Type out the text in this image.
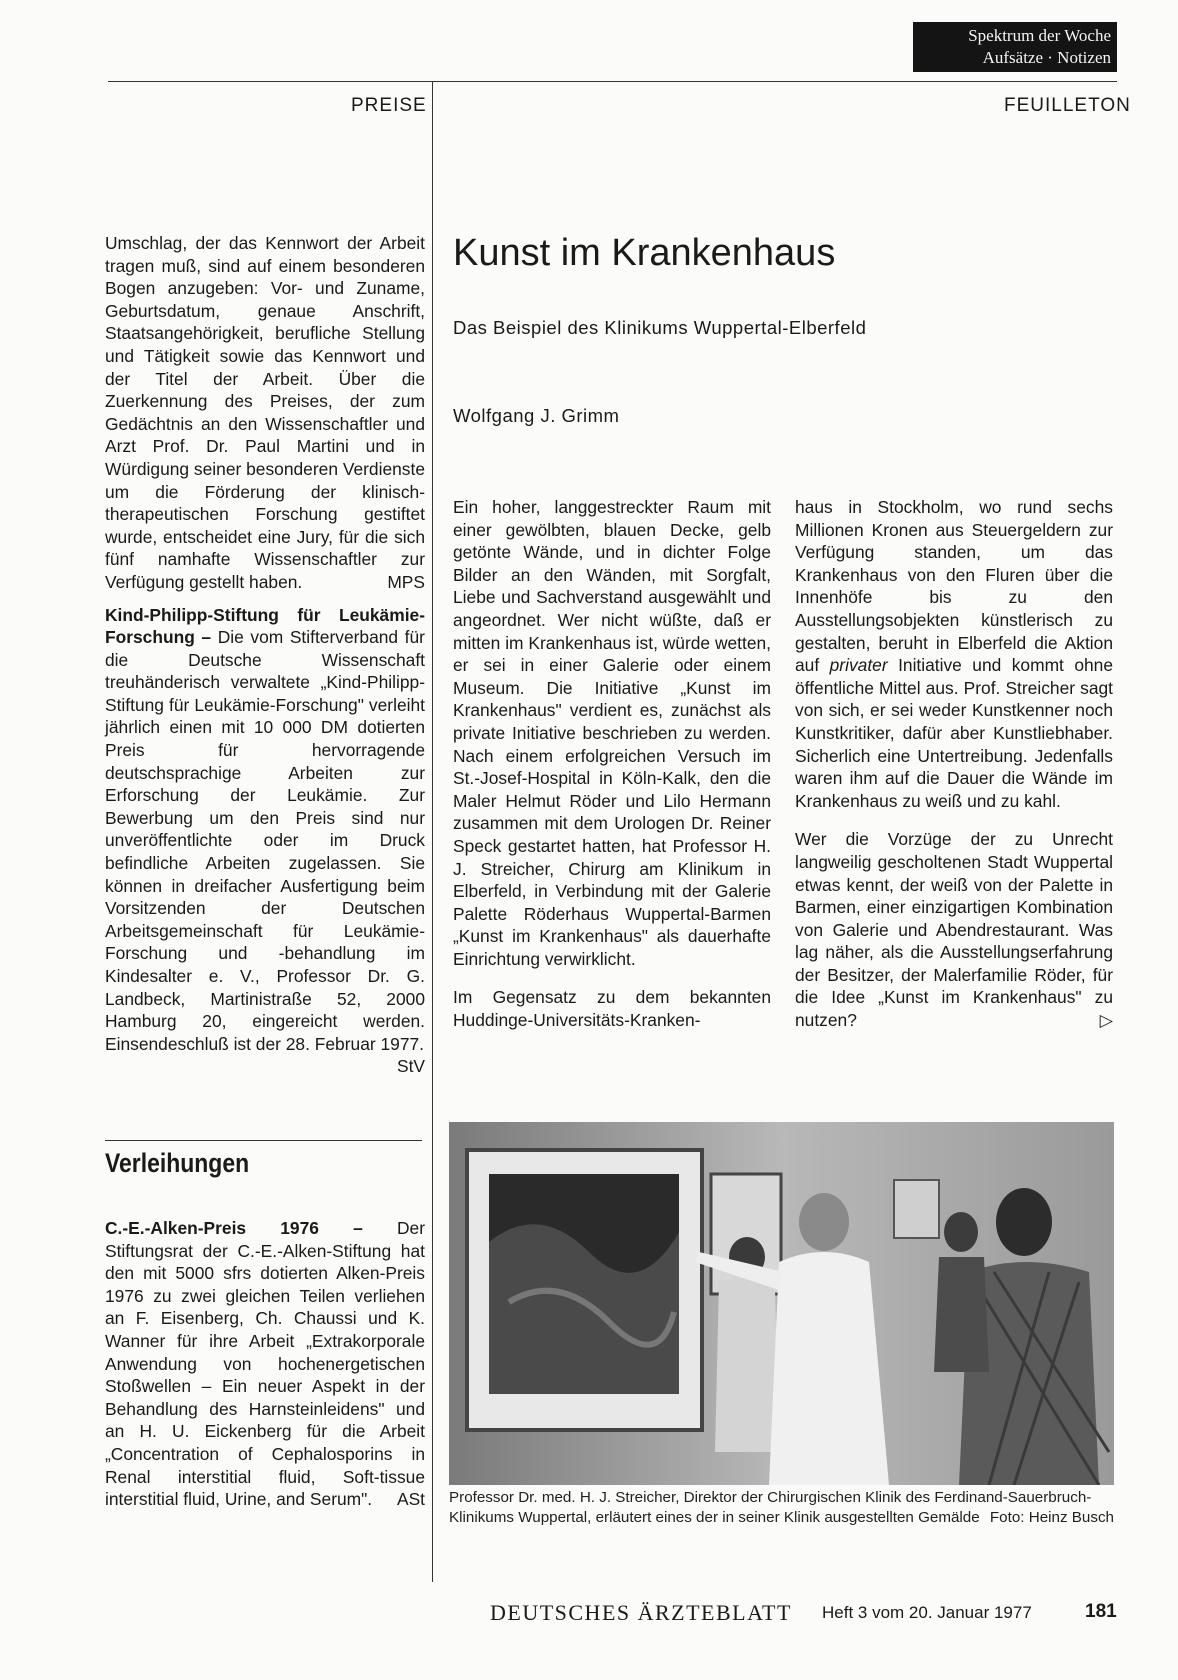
Spektrum der Woche
Aufsätze · Notizen
PREISE	FEUILLETON

Umschlag, der das Kennwort der Arbeit tragen muß, sind auf einem besonderen Bogen anzugeben: Vor- und Zuname, Geburtsdatum, genaue Anschrift, Staatsangehörigkeit, berufliche Stellung und Tätigkeit sowie das Kennwort und der Titel der Arbeit. Über die Zuerkennung des Preises, der zum Gedächtnis an den Wissenschaftler und Arzt Prof. Dr. Paul Martini und in Würdigung seiner besonderen Verdienste um die Förderung der klinisch-therapeutischen Forschung gestiftet wurde, entscheidet eine Jury, für die sich fünf namhafte Wissenschaftler zur Verfügung gestellt haben.	MPS

Kind-Philipp-Stiftung für Leukämie-Forschung – Die vom Stifterverband für die Deutsche Wissenschaft treuhänderisch verwaltete „Kind-Philipp-Stiftung für Leukämie-Forschung" verleiht jährlich einen mit 10 000 DM dotierten Preis für hervorragende deutschsprachige Arbeiten zur Erforschung der Leukämie. Zur Bewerbung um den Preis sind nur unveröffentlichte oder im Druck befindliche Arbeiten zugelassen. Sie können in dreifacher Ausfertigung beim Vorsitzenden der Deutschen Arbeitsgemeinschaft für Leukämie-Forschung und -behandlung im Kindesalter e. V., Professor Dr. G. Landbeck, Martinistraße 52, 2000 Hamburg 20, eingereicht werden. Einsendeschluß ist der 28. Februar 1977.
StV

Verleihungen

C.-E.-Alken-Preis 1976 – Der Stiftungsrat der C.-E.-Alken-Stiftung hat den mit 5000 sfrs dotierten Alken-Preis 1976 zu zwei gleichen Teilen verliehen an F. Eisenberg, Ch. Chaussi und K. Wanner für ihre Arbeit „Extrakorporale Anwendung von hochenergetischen Stoßwellen – Ein neuer Aspekt in der Behandlung des Harnsteinleidens" und an H. U. Eickenberg für die Arbeit „Concentration of Cephalosporins in Renal interstitial fluid, Soft-tissue interstitial fluid, Urine, and Serum". ASt

Kunst im Krankenhaus
Das Beispiel des Klinikums Wuppertal-Elberfeld
Wolfgang J. Grimm

Ein hoher, langgestreckter Raum mit einer gewölbten, blauen Decke, gelb getönte Wände, und in dichter Folge Bilder an den Wänden, mit Sorgfalt, Liebe und Sachverstand ausgewählt und angeordnet. Wer nicht wüßte, daß er mitten im Krankenhaus ist, würde wetten, er sei in einer Galerie oder einem Museum. Die Initiative „Kunst im Krankenhaus" verdient es, zunächst als private Initiative beschrieben zu werden. Nach einem erfolgreichen Versuch im St.-Josef-Hospital in Köln-Kalk, den die Maler Helmut Röder und Lilo Hermann zusammen mit dem Urologen Dr. Reiner Speck gestartet hatten, hat Professor H. J. Streicher, Chirurg am Klinikum in Elberfeld, in Verbindung mit der Galerie Palette Röderhaus Wuppertal-Barmen „Kunst im Krankenhaus" als dauerhafte Einrichtung verwirklicht.

Im Gegensatz zu dem bekannten Huddinge-Universitäts-Kranken-

haus in Stockholm, wo rund sechs Millionen Kronen aus Steuergeldern zur Verfügung standen, um das Krankenhaus von den Fluren über die Innenhöfe bis zu den Ausstellungsobjekten künstlerisch zu gestalten, beruht in Elberfeld die Aktion auf privater Initiative und kommt ohne öffentliche Mittel aus. Prof. Streicher sagt von sich, er sei weder Kunstkenner noch Kunstkritiker, dafür aber Kunstliebhaber. Sicherlich eine Untertreibung. Jedenfalls waren ihm auf die Dauer die Wände im Krankenhaus zu weiß und zu kahl.

Wer die Vorzüge der zu Unrecht langweilig gescholtenen Stadt Wuppertal etwas kennt, der weiß von der Palette in Barmen, einer einzigartigen Kombination von Galerie und Abendrestaurant. Was lag näher, als die Ausstellungserfahrung der Besitzer, der Malerfamilie Röder, für die Idee „Kunst im Krankenhaus" zu nutzen?	▷

Professor Dr. med. H. J. Streicher, Direktor der Chirurgischen Klinik des Ferdinand-Sauerbruch-Klinikums Wuppertal, erläutert eines der in seiner Klinik ausgestellten Gemälde Foto: Heinz Busch
DEUTSCHES ÄRZTEBLATT Heft 3 vom 20. Januar 1977	181
